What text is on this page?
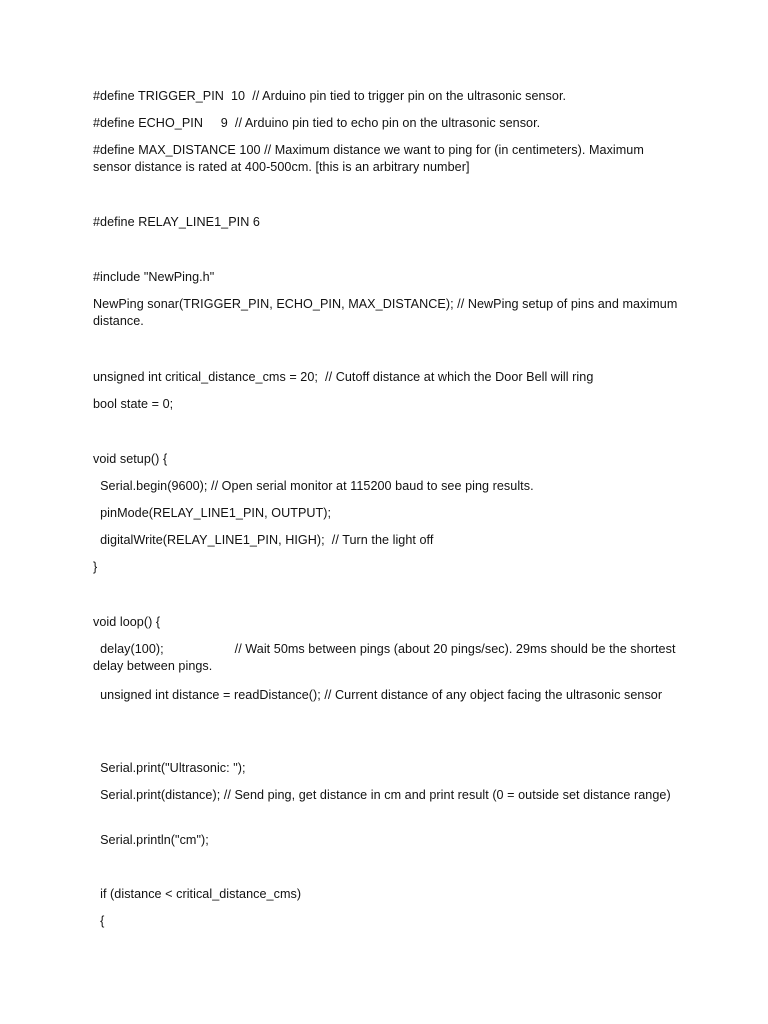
#define TRIGGER_PIN  10  // Arduino pin tied to trigger pin on the ultrasonic sensor.
#define ECHO_PIN     9  // Arduino pin tied to echo pin on the ultrasonic sensor.
#define MAX_DISTANCE 100 // Maximum distance we want to ping for (in centimeters). Maximum sensor distance is rated at 400-500cm. [this is an arbitrary number]
#define RELAY_LINE1_PIN 6
#include "NewPing.h"
NewPing sonar(TRIGGER_PIN, ECHO_PIN, MAX_DISTANCE); // NewPing setup of pins and maximum distance.
unsigned int critical_distance_cms = 20;  // Cutoff distance at which the Door Bell will ring
bool state = 0;
void setup() {
Serial.begin(9600); // Open serial monitor at 115200 baud to see ping results.
pinMode(RELAY_LINE1_PIN, OUTPUT);
digitalWrite(RELAY_LINE1_PIN, HIGH);  // Turn the light off
}
void loop() {
delay(100);                    // Wait 50ms between pings (about 20 pings/sec). 29ms should be the shortest delay between pings.
unsigned int distance = readDistance(); // Current distance of any object facing the ultrasonic sensor
Serial.print("Ultrasonic: ");
Serial.print(distance); // Send ping, get distance in cm and print result (0 = outside set distance range)
Serial.println("cm");
if (distance < critical_distance_cms)
{
